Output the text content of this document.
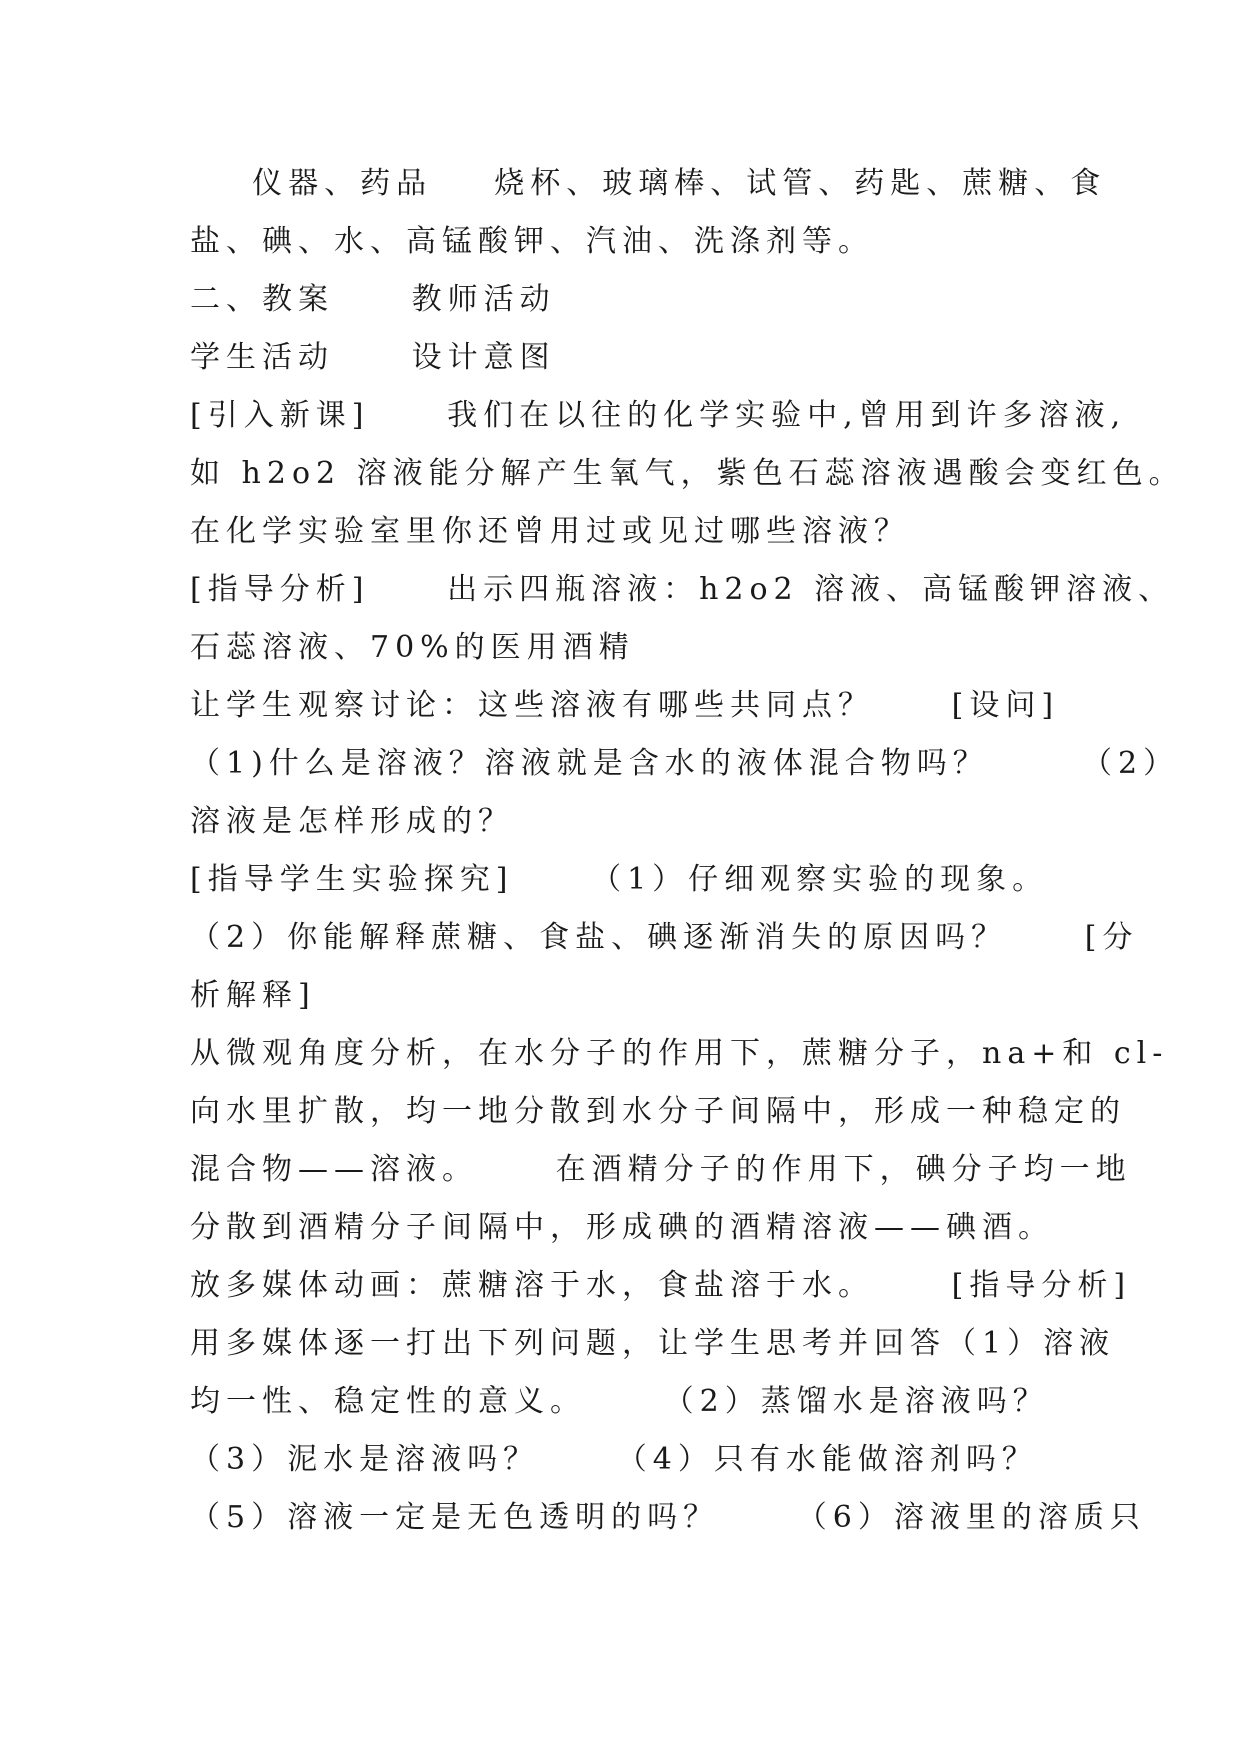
仪器、药品    烧杯、玻璃棒、试管、药匙、蔗糖、食
盐、碘、水、高锰酸钾、汽油、洗涤剂等。
二、教案     教师活动
学生活动     设计意图
[引入新课]     我们在以往的化学实验中,曾用到许多溶液,
如 h2o2 溶液能分解产生氧气，紫色石蕊溶液遇酸会变红色。
在化学实验室里你还曾用过或见过哪些溶液？
[指导分析]     出示四瓶溶液：h2o2 溶液、高锰酸钾溶液、
石蕊溶液、70%的医用酒精
让学生观察讨论：这些溶液有哪些共同点？     [设问]
（1)什么是溶液？溶液就是含水的液体混合物吗？      （2）
溶液是怎样形成的？
[指导学生实验探究]     （1）仔细观察实验的现象。
（2）你能解释蔗糖、食盐、碘逐渐消失的原因吗？     [分
析解释]
从微观角度分析，在水分子的作用下，蔗糖分子，na+和 cl-
向水里扩散，均一地分散到水分子间隔中，形成一种稳定的
混合物——溶液。     在酒精分子的作用下，碘分子均一地
分散到酒精分子间隔中，形成碘的酒精溶液——碘酒。
放多媒体动画：蔗糖溶于水，食盐溶于水。     [指导分析]
用多媒体逐一打出下列问题，让学生思考并回答（1）溶液
均一性、稳定性的意义。     （2）蒸馏水是溶液吗？
（3）泥水是溶液吗？     （4）只有水能做溶剂吗？
（5）溶液一定是无色透明的吗？     （6）溶液里的溶质只
